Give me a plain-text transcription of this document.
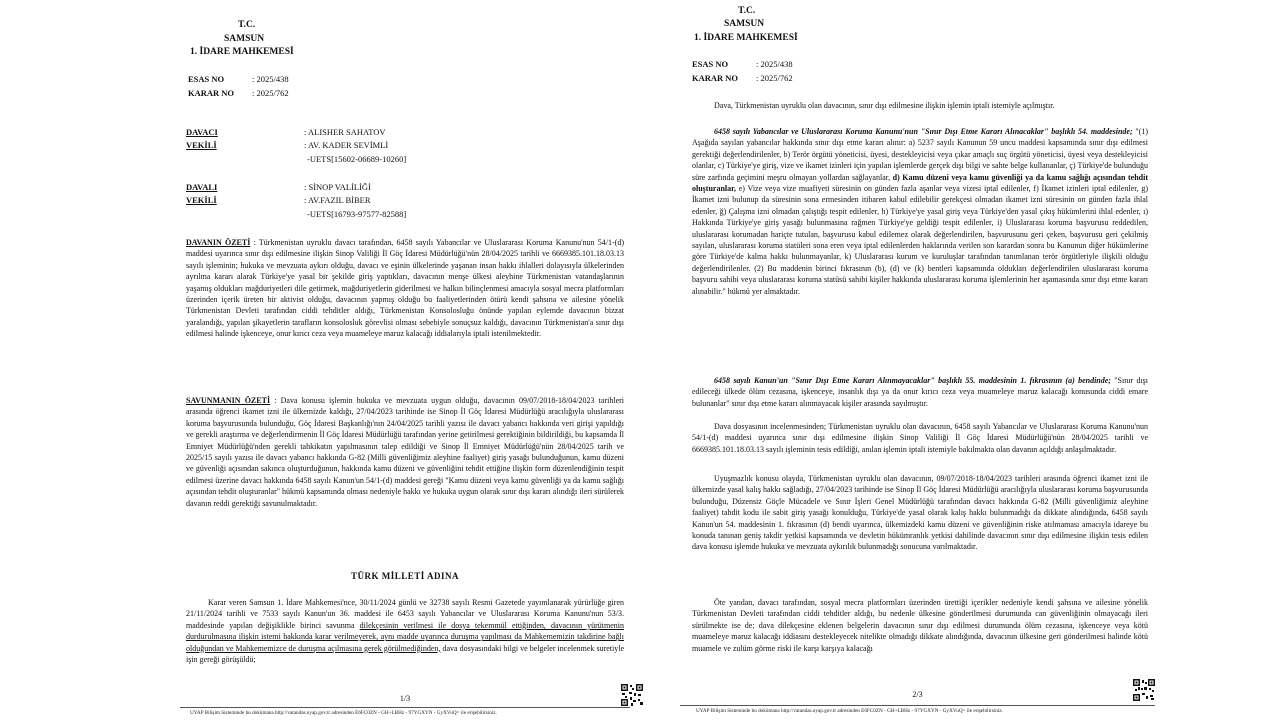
T.C.
SAMSUN
1. İDARE MAHKEMESİ
ESAS NO	: 2025/438
KARAR NO : 2025/762
DAVACI	: ALISHER SAHATOV
VEKİLİ	: AV. KADER SEVİMLİ
-UETS[15602-06689-10260]
DAVALI	: SİNOP VALİLİĞİ
VEKİLİ	: AV.FAZIL BİBER
-UETS[16793-97577-82588]

DAVANIN ÖZETİ : Türkmenistan uyruklu davacı tarafından, 6458 sayılı Yabancılar ve Uluslararası Koruma Kanunu'nun 54/1-(d) maddesi uyarınca sınır dışı edilmesine ilişkin Sinop Valiliği İl Göç İdaresi Müdürlüğü'nün 28/04/2025 tarihli ve 6669385.101.18.03.13 sayılı işleminin; hukuka ve mevzuata aykırı olduğu, davacı ve eşinin ülkelerinde yaşanan insan hakkı ihlalleri dolayısıyla ülkelerinden ayrılma kararı alarak Türkiye'ye yasal bir şekilde giriş yaptıkları, davacının menşe ülkesi aleyhine Türkmenistan vatandaşlarının yaşamış oldukları mağduriyetleri dile getirmek, mağduriyetlerin giderilmesi ve halkın bilinçlenmesi amacıyla sosyal mecra platformları üzerinden içerik üreten bir aktivist olduğu, davacının yapmış olduğu bu faaliyetlerinden ötürü kendi şahsına ve ailesine yönelik Türkmenistan Devleti tarafından ciddi tehditler aldığı, Türkmenistan Konsolosluğu önünde yapılan eylemde davacının bizzat yaralandığı, yapılan şikayetlerin tarafların konsolosluk görevlisi olması sebebiyle sonuçsuz kaldığı, davacının Türkmenistan'a sınır dışı edilmesi halinde işkenceye, onur kırıcı ceza veya muameleye maruz kalacağı iddialarıyla iptali istenilmektedir.

SAVUNMANIN ÖZETİ : Dava konusu işlemin hukuka ve mevzuata uygun olduğu, davacının 09/07/2018-18/04/2023 tarihleri arasında öğrenci ikamet izni ile ülkemizde kaldığı, 27/04/2023 tarihinde ise Sinop İl Göç İdaresi Müdürlüğü aracılığıyla uluslararası koruma başvurusunda bulunduğu, Göç İdaresi Başkanlığı'nın 24/04/2025 tarihli yazısı ile davacı yabancı hakkında veri girişi yapıldığı ve gerekli araştırma ve değerlendirmenin İl Göç İdaresi Müdürlüğü tarafından yerine getirilmesi gerektiğinin bildirildiği, bu kapsamda İl Emniyet Müdürlüğü'nden gerekli tahkikatın yapılmasının talep edildiği ve Sinop İl Emniyet Müdürlüğü'nün 28/04/2025 tarih ve 2025/15 sayılı yazısı ile davacı yabancı hakkında G-82 (Milli güvenliğimiz aleyhine faaliyet) giriş yasağı bulunduğunun, kamu düzeni ve güvenliği açısından sakınca oluşturduğunun, hakkında kamu düzeni ve güvenliğini tehdit ettiğine ilişkin form düzenlendiğinin tespit edilmesi üzerine davacı hakkında 6458 sayılı Kanun'un 54/1-(d) maddesi gereği "Kamu düzeni veya kamu güvenliği ya da kamu sağlığı açısından tehdit oluşturanlar" hükmü kapsamında olması nedeniyle hakkı ve hukuka uygun olarak sınır dışı kararı alındığı ileri sürülerek davanın reddi gerektiği savunulmaktadır.

TÜRK MİLLETİ ADINA

Karar veren Samsun 1. İdare Mahkemesi'nce, 30/11/2024 günlü ve 32738 sayılı Resmi Gazetede yayımlanarak yürürlüğe giren 21/11/2024 tarihli ve 7533 sayılı Kanun'un 36. maddesi ile 6453 sayılı Yabancılar ve Uluslararası Koruma Kanunu'nun 53/3. maddesinde yapılan değişiklikle birinci savunma dilekçesinin verilmesi ile dosya tekemmül ettiğinden, davacının yürütmenin durdurulmasına ilişkin istemi hakkında karar verilmeyerek, aynı madde uyarınca duruşma yapılması da Mahkememizin takdirine bağlı olduğundan ve Mahkememizce de duruşma açılmasına gerek görülmediğinden, dava dosyasındaki bilgi ve belgeler incelenmek suretiyle işin gereği görüşüldü;

1/3
UYAP Bilişim Sisteminde bu dokümana http://vatandas.uyap.gov.tr adresinden E6FC0ZN - GH+LBHz - 97YGXYN - GyXVuQ= ile erişebilirsiniz.
T.C.
SAMSUN
1. İDARE MAHKEMESİ
ESAS NO	: 2025/438
KARAR NO : 2025/762

Dava, Türkmenistan uyruklu olan davacının, sınır dışı edilmesine ilişkin işlemin iptali istemiyle açılmıştır.

6458 sayılı Yabancılar ve Uluslararası Koruma Kanunu'nun "Sınır Dışı Etme Kararı Alınacaklar" başlıklı 54. maddesinde; "(1) Aşağıda sayılan yabancılar hakkında sınır dışı etme kararı alınır: a) 5237 sayılı Kanunun 59 uncu maddesi kapsamında sınır dışı edilmesi gerektiği değerlendirilenler, b) Terör örgütü yöneticisi, üyesi, destekleyicisi veya çıkar amaçlı suç örgütü yöneticisi, üyesi veya destekleyicisi olanlar, c) Türkiye'ye giriş, vize ve ikamet izinleri için yapılan işlemlerde gerçek dışı bilgi ve sahte belge kullananlar, ç) Türkiye'de bulunduğu süre zarfında geçimini meşru olmayan yollardan sağlayanlar, d) Kamu düzeni veya kamu güvenliği ya da kamu sağlığı açısından tehdit oluşturanlar, e) Vize veya vize muafiyeti süresinin on günden fazla aşanlar veya vizesi iptal edilenler, f) İkamet izinleri iptal edilenler, g) İkamet izni bulunup da süresinin sona ermesinden itibaren kabul edilebilir gerekçesi olmadan ikamet izni süresinin on günden fazla ihlal edenler, ğ) Çalışma izni olmadan çalıştığı tespit edilenler, h) Türkiye'ye yasal giriş veya Türkiye'den yasal çıkış hükümlerini ihlal edenler, ı) Hakkında Türkiye'ye giriş yasağı bulunmasına rağmen Türkiye'ye geldiği tespit edilenler, i) Uluslararası koruma başvurusu reddedilen, uluslararası korumadan hariçte tutulan, başvurusu kabul edilemez olarak değerlendirilen, başvurusunu geri çeken, başvurusu geri çekilmiş sayılan, uluslararası koruma statüleri sona eren veya iptal edilenlerden haklarında verilen son karardan sonra bu Kanunun diğer hükümlerine göre Türkiye'de kalma hakkı bulunmayanlar, k) Uluslararası kurum ve kuruluşlar tarafından tanımlanan terör örgütleriyle ilişkili olduğu değerlendirilenler. (2) Bu maddenin birinci fıkrasının (b), (d) ve (k) bentleri kapsamında oldukları değerlendirilen uluslararası koruma başvuru sahibi veya uluslararası koruma statüsü sahibi kişiler hakkında uluslararası koruma işlemlerinin her aşamasında sınır dışı etme kararı alınabilir." hükmü yer almaktadır.

6458 sayılı Kanun'un "Sınır Dışı Etme Kararı Alınmayacaklar" başlıklı 55. maddesinin 1. fıkrasının (a) bendinde; "Sınır dışı edileceği ülkede ölüm cezasına, işkenceye, insanlık dışı ya da onur kırıcı ceza veya muameleye maruz kalacağı konusunda ciddi emare bulunanlar" sınır dışı etme kararı alınmayacak kişiler arasında sayılmıştır.

Dava dosyasının incelenmesinden; Türkmenistan uyruklu olan davacının, 6458 sayılı Yabancılar ve Uluslararası Koruma Kanunu'nun 54/1-(d) maddesi uyarınca sınır dışı edilmesine ilişkin Sinop Valiliği İl Göç İdaresi Müdürlüğü'nün 28/04/2025 tarihli ve 6669385.101.18.03.13 sayılı işleminin tesis edildiği, anılan işlemin iptali istemiyle bakılmakta olan davanın açıldığı anlaşılmaktadır.

Uyuşmazlık konusu olayda, Türkmenistan uyruklu olan davacının, 09/07/2018-18/04/2023 tarihleri arasında öğrenci ikamet izni ile ülkemizde yasal kalış hakkı sağladığı, 27/04/2023 tarihinde ise Sinop İl Göç İdaresi Müdürlüğü aracılığıyla uluslararası koruma başvurusunda bulunduğu, Düzensiz Göçle Mücadele ve Sınır İşleri Genel Müdürlüğü tarafından davacı hakkında G-82 (Milli güvenliğimiz aleyhine faaliyet) tahdit kodu ile sabit giriş yasağı konulduğu, Türkiye'de yasal olarak kalış hakkı bulunmadığı da dikkate alındığında, 6458 sayılı Kanun'un 54. maddesinin 1. fıkrasının (d) bendi uyarınca, ülkemizdeki kamu düzeni ve güvenliğinin riske atılmaması amacıyla idareye bu konuda tanınan geniş takdir yetkisi kapsamında ve devletin hükümranlık yetkisi dahilinde davacının sınır dışı edilmesine ilişkin tesis edilen dava konusu işlemde hukuka ve mevzuata aykırılık bulunmadığı sonucuna varılmaktadır.

Öte yandan, davacı tarafından, sosyal mecra platformları üzerinden ürettiği içerikler nedeniyle kendi şahsına ve ailesine yönelik Türkmenistan Devleti tarafından ciddi tehditler aldığı, bu nedenle ülkesine gönderilmesi durumunda can güvenliğinin olmayacağı ileri sürülmekte ise de; dava dilekçesine eklenen belgelerin davacının sınır dışı edilmesi durumunda ölüm cezasına, işkenceye veya kötü muameleye maruz kalacağı iddiasını destekleyecek nitelikte olmadığı dikkate alındığında, davacının ülkesine geri gönderilmesi halinde kötü muamele ve zulüm görme riski ile karşı karşıya kalacağı

2/3
UYAP Bilişim Sisteminde bu dokümana http://vatandas.uyap.gov.tr adresinden E6FC0ZN - GH+LBHz - 97YGXYN - GyXVuQ= ile erişebilirsiniz.
